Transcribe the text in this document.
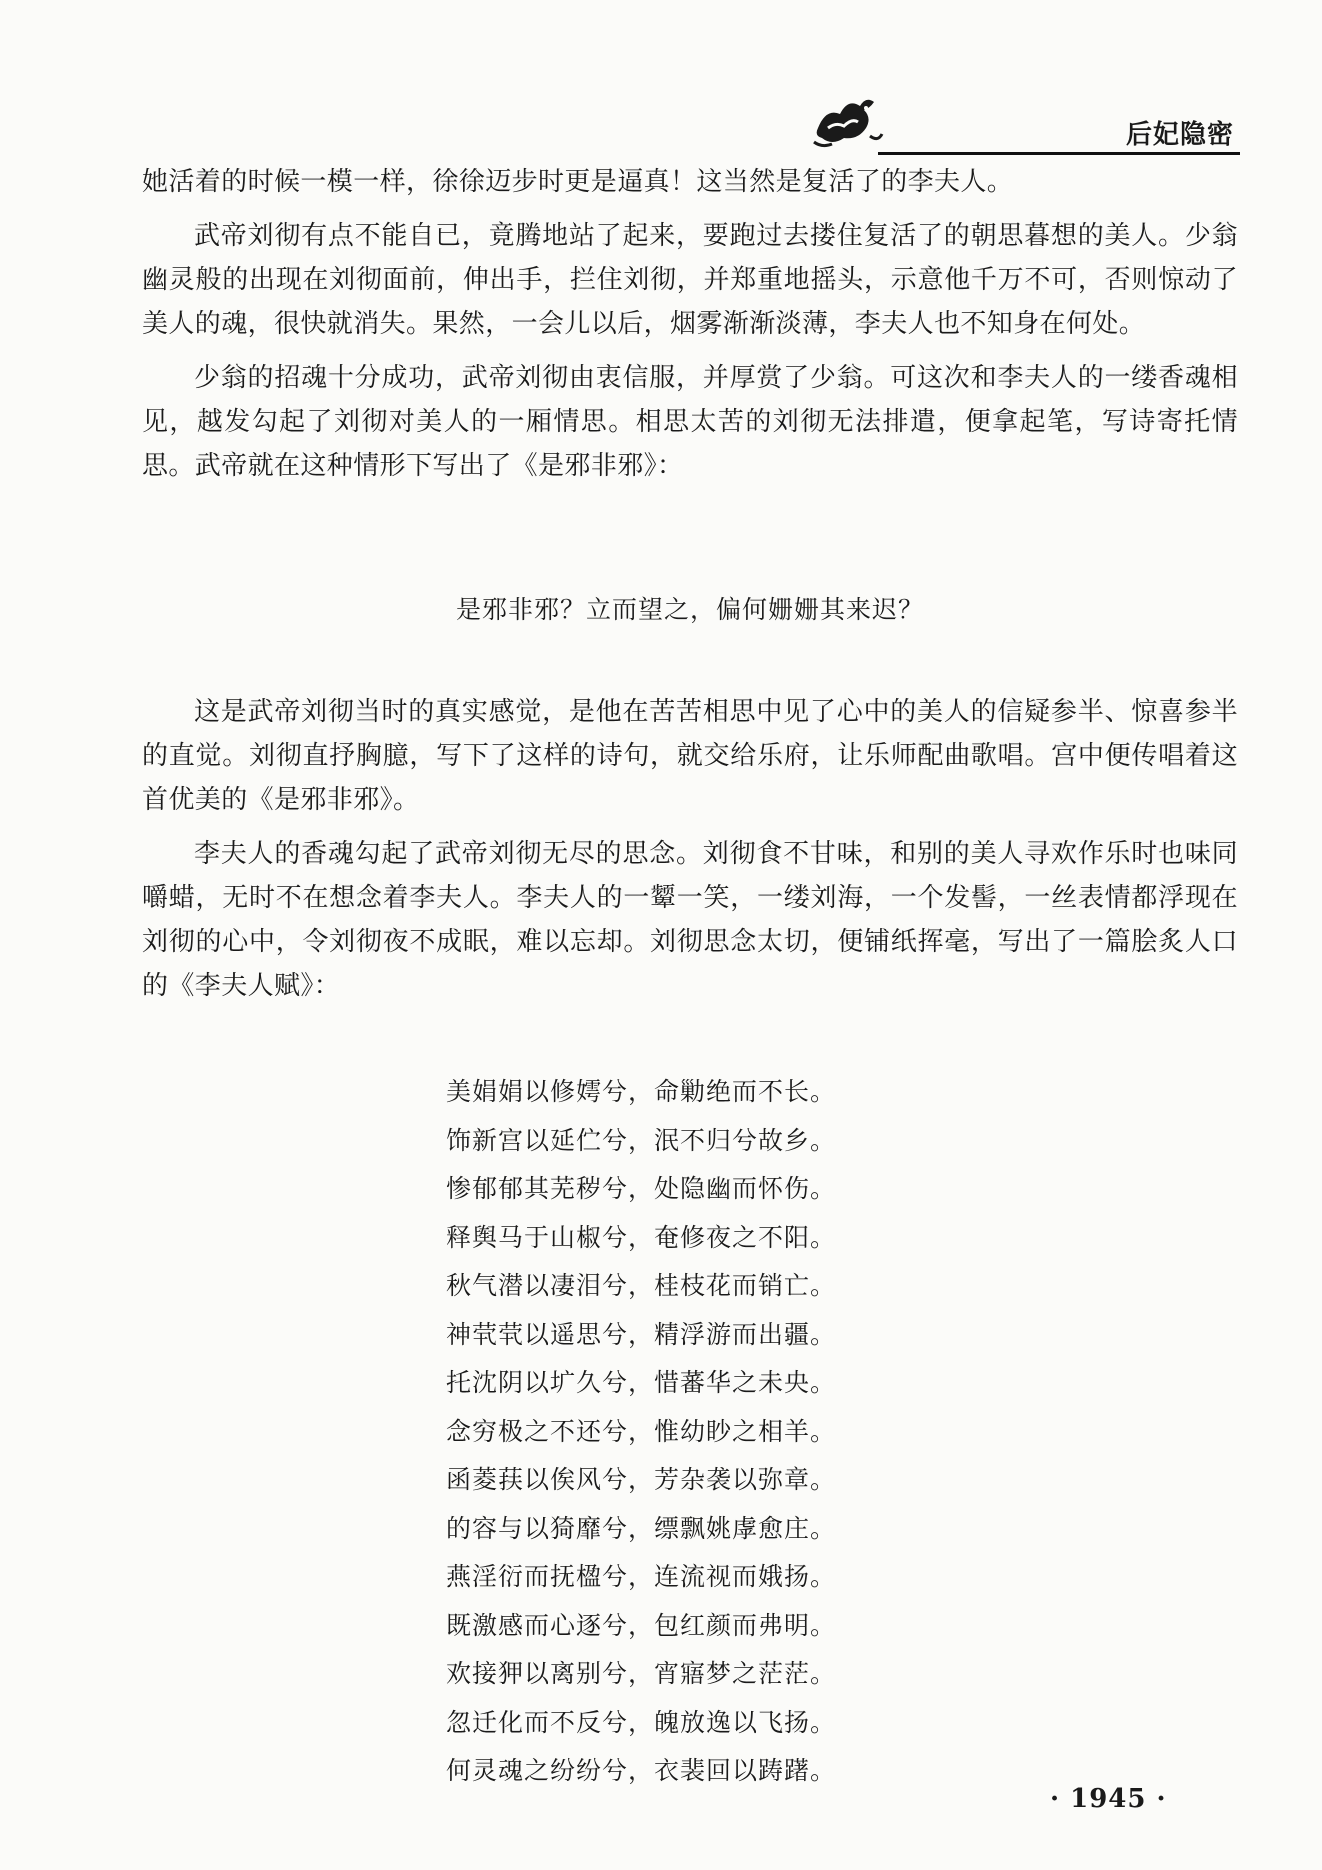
后妃隐密

她活着的时候一模一样，徐徐迈步时更是逼真！这当然是复活了的李夫人。

武帝刘彻有点不能自已，竟腾地站了起来，要跑过去搂住复活了的朝思暮想的美人。少翁幽灵般的出现在刘彻面前，伸出手，拦住刘彻，并郑重地摇头，示意他千万不可，否则惊动了美人的魂，很快就消失。果然，一会儿以后，烟雾渐渐淡薄，李夫人也不知身在何处。

少翁的招魂十分成功，武帝刘彻由衷信服，并厚赏了少翁。可这次和李夫人的一缕香魂相见，越发勾起了刘彻对美人的一厢情思。相思太苦的刘彻无法排遣，便拿起笔，写诗寄托情思。武帝就在这种情形下写出了《是邪非邪》：

是邪非邪？立而望之，偏何姗姗其来迟？

这是武帝刘彻当时的真实感觉，是他在苦苦相思中见了心中的美人的信疑参半、惊喜参半的直觉。刘彻直抒胸臆，写下了这样的诗句，就交给乐府，让乐师配曲歌唱。宫中便传唱着这首优美的《是邪非邪》。

李夫人的香魂勾起了武帝刘彻无尽的思念。刘彻食不甘味，和别的美人寻欢作乐时也味同嚼蜡，无时不在想念着李夫人。李夫人的一颦一笑，一缕刘海，一个发髻，一丝表情都浮现在刘彻的心中，令刘彻夜不成眠，难以忘却。刘彻思念太切，便铺纸挥毫，写出了一篇脍炙人口的《李夫人赋》：

美娟娟以修嫮兮，命勦绝而不长。
饰新宫以延伫兮，泯不归兮故乡。
惨郁郁其芜秽兮，处隐幽而怀伤。
释舆马于山椒兮，奄修夜之不阳。
秋气潜以凄泪兮，桂枝花而销亡。
神茕茕以遥思兮，精浮游而出疆。
托沈阴以圹久兮，惜蕃华之未央。
念穷极之不还兮，惟幼眇之相羊。
函菱荴以俟风兮，芳杂袭以弥章。
的容与以猗靡兮，缥飘姚虖愈庄。
燕淫衍而抚楹兮，连流视而娥扬。
既激感而心逐兮，包红颜而弗明。
欢接狎以离别兮，宵寤梦之茫茫。
忽迁化而不反兮，魄放逸以飞扬。
何灵魂之纷纷兮，衣裴回以踌躇。
· 1945 ·
